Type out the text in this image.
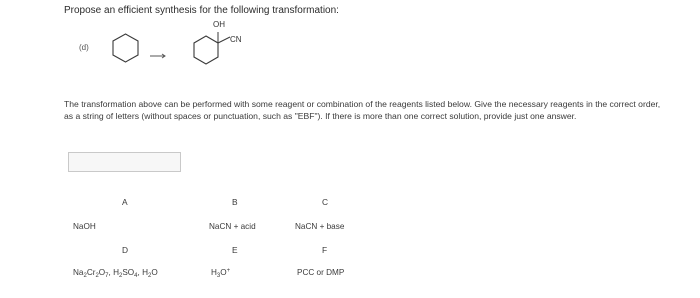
Propose an efficient synthesis for the following transformation:
(d)
CN
OH
The transformation above can be performed with some reagent or combination of the reagents listed below. Give the necessary reagents in the correct order, as a string of letters (without spaces or punctuation, such as "EBF"). If there is more than one correct solution, provide just one answer.
A
NaOH
B
NaCN + acid
C
NaCN + base
D
$Na_2Cr_2O_7$, $H_2SO_4$, $H_2O$
E
$H_3O^+$
F
PCC or DMP
